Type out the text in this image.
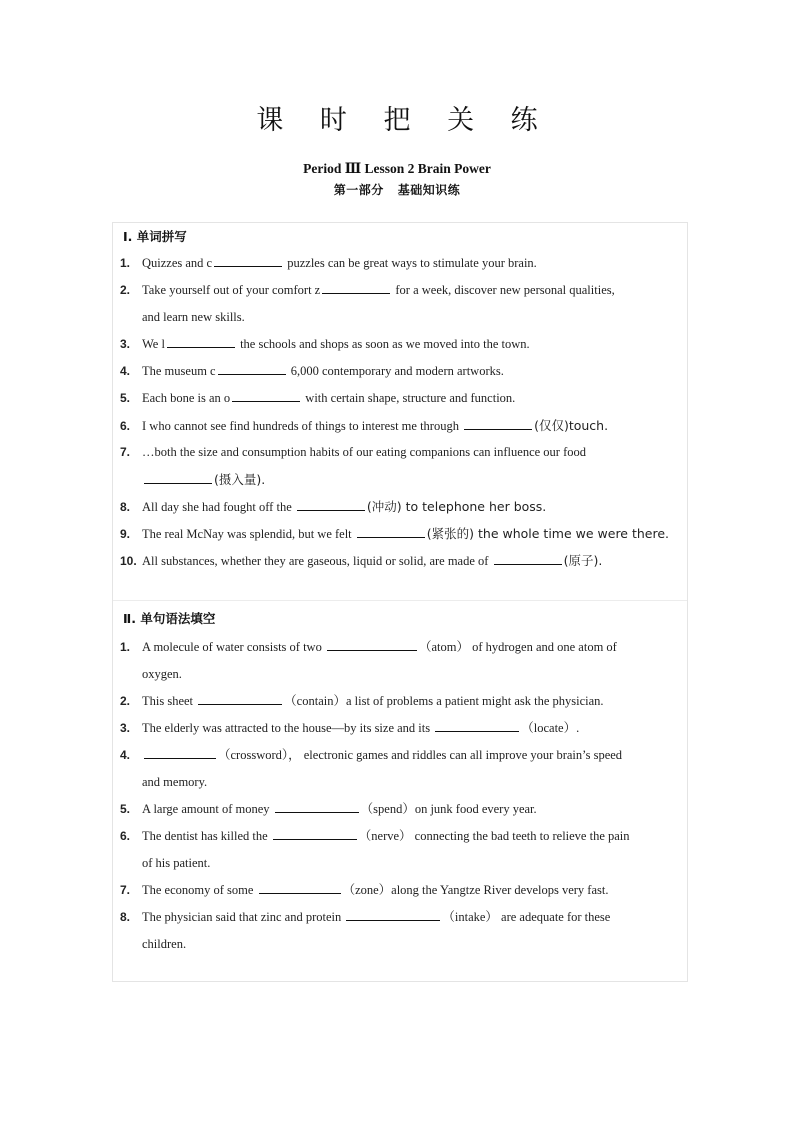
课 时 把 关 练
Period Ⅲ Lesson 2 Brain Power
第一部分 基础知识练
Ⅰ. 单词拼写
1. Quizzes and c	puzzles can be great ways to stimulate your brain.
2. Take yourself out of your comfort z	for a week, discover new personal qualities,
and learn new skills.
3. We l	the schools and shops as soon as we moved into the town.
4. The museum c	6,000 contemporary and modern artworks.
5. Each bone is an o	with certain shape, structure and function.
6. I who cannot see find hundreds of things to interest me through	(仅仅)touch.
7. …both the size and consumption habits of our eating companions can influence our food
(摄入量).
8. All day she had fought off the	(冲动) to telephone her boss.
9. The real McNay was splendid, but we felt	(紧张的) the whole time we were there.
10. All substances, whether they are gaseous, liquid or solid, are made of	(原子).
Ⅱ. 单句语法填空
1. A molecule of water consists of two	（atom） of hydrogen and one atom of
oxygen.
2. This sheet	（contain）a list of problems a patient might ask the physician.
3. The elderly was attracted to the house—by its size and its	（locate）.
4.	（crossword）， electronic games and riddles can all improve your brain’s speed
and memory.
5. A large amount of money	（spend）on junk food every year.
6. The dentist has killed the	（nerve） connecting the bad teeth to relieve the pain
of his patient.
7. The economy of some	（zone）along the Yangtze River develops very fast.
8. The physician said that zinc and protein	（intake） are adequate for these
children.
